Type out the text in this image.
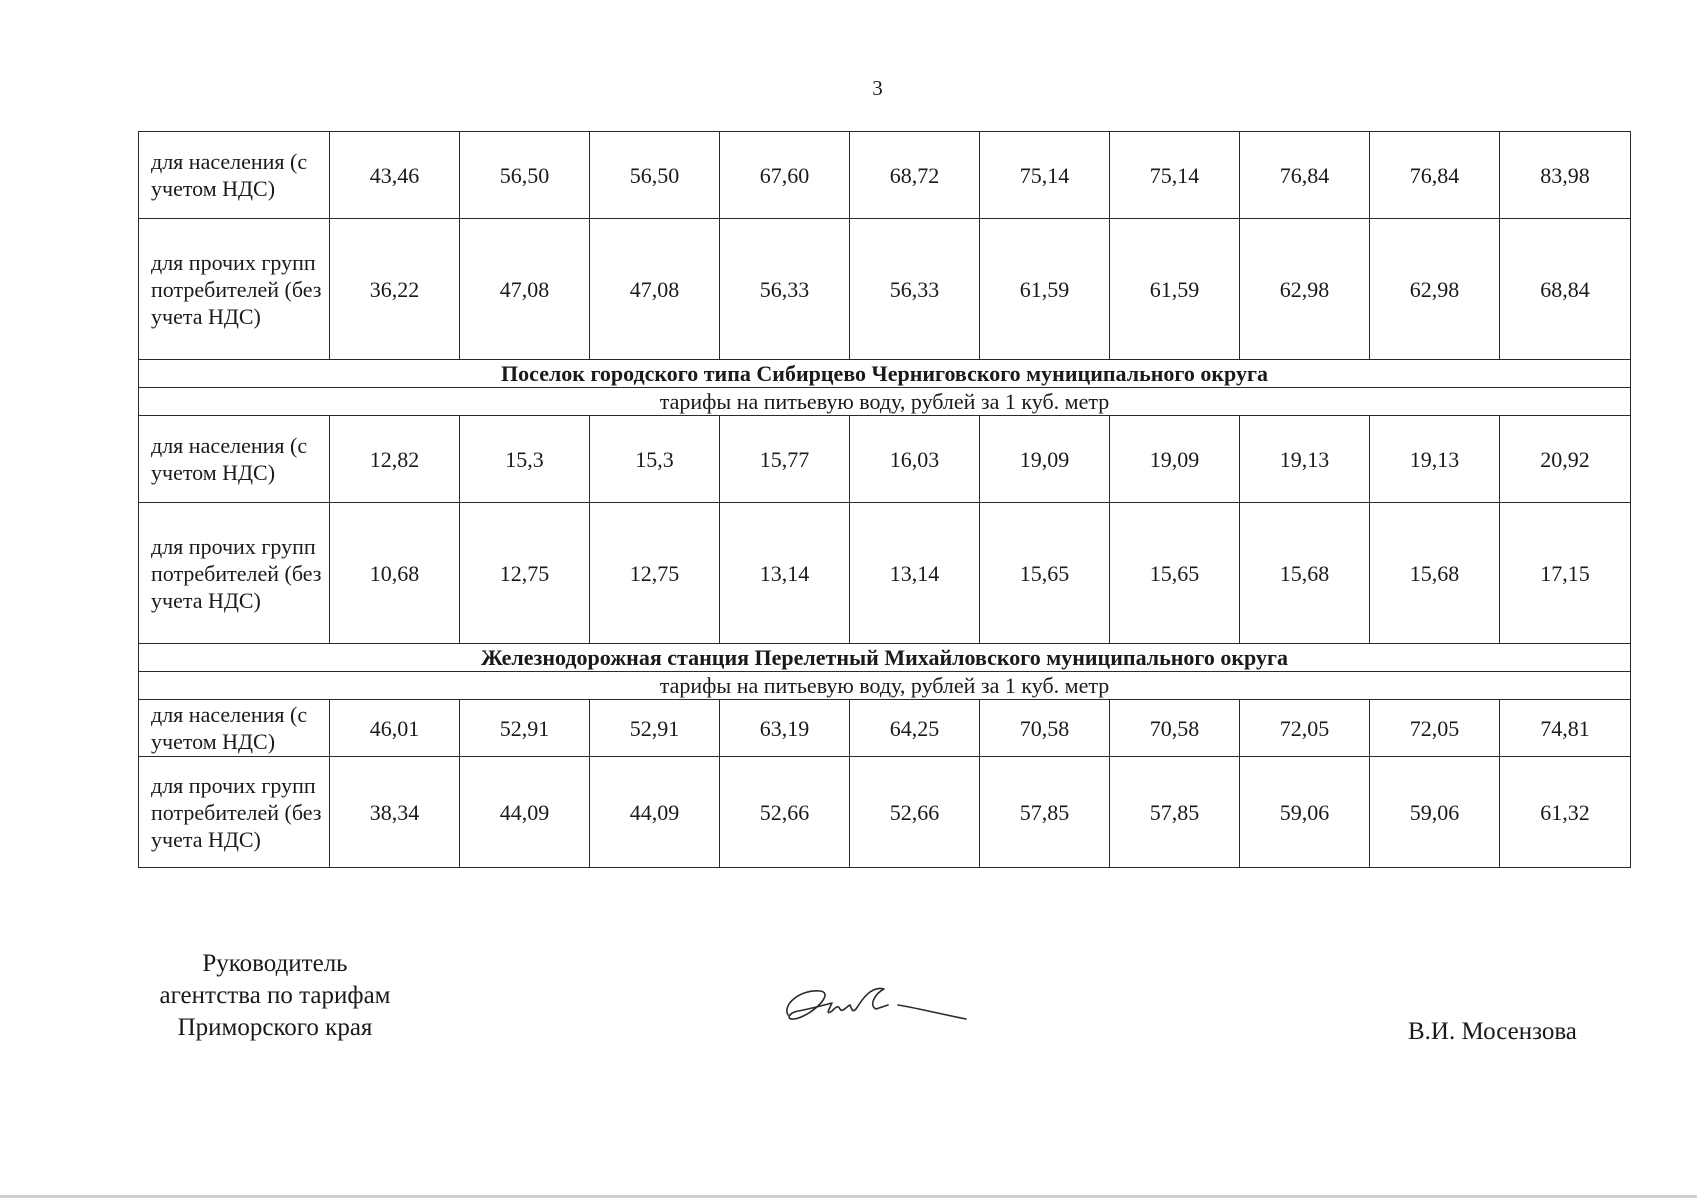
3
для населения (с учетом НДС)	43,46	56,50	56,50	67,60	68,72	75,14	75,14	76,84	76,84	83,98
для прочих групп потребителей (без учета НДС)	36,22	47,08	47,08	56,33	56,33	61,59	61,59	62,98	62,98	68,84
Поселок городского типа Сибирцево Черниговского муниципального округа										
тарифы на питьевую воду, рублей за 1 куб. метр										
для населения (с учетом НДС)	12,82	15,3	15,3	15,77	16,03	19,09	19,09	19,13	19,13	20,92
для прочих групп потребителей (без учета НДС)	10,68	12,75	12,75	13,14	13,14	15,65	15,65	15,68	15,68	17,15
Железнодорожная станция Перелетный Михайловского муниципального округа										
тарифы на питьевую воду, рублей за 1 куб. метр										
для населения (с учетом НДС)	46,01	52,91	52,91	63,19	64,25	70,58	70,58	72,05	72,05	74,81
для прочих групп потребителей (без учета НДС)	38,34	44,09	44,09	52,66	52,66	57,85	57,85	59,06	59,06	61,32
Руководитель
агентства по тарифам
Приморского края	В.И. Мосензова
